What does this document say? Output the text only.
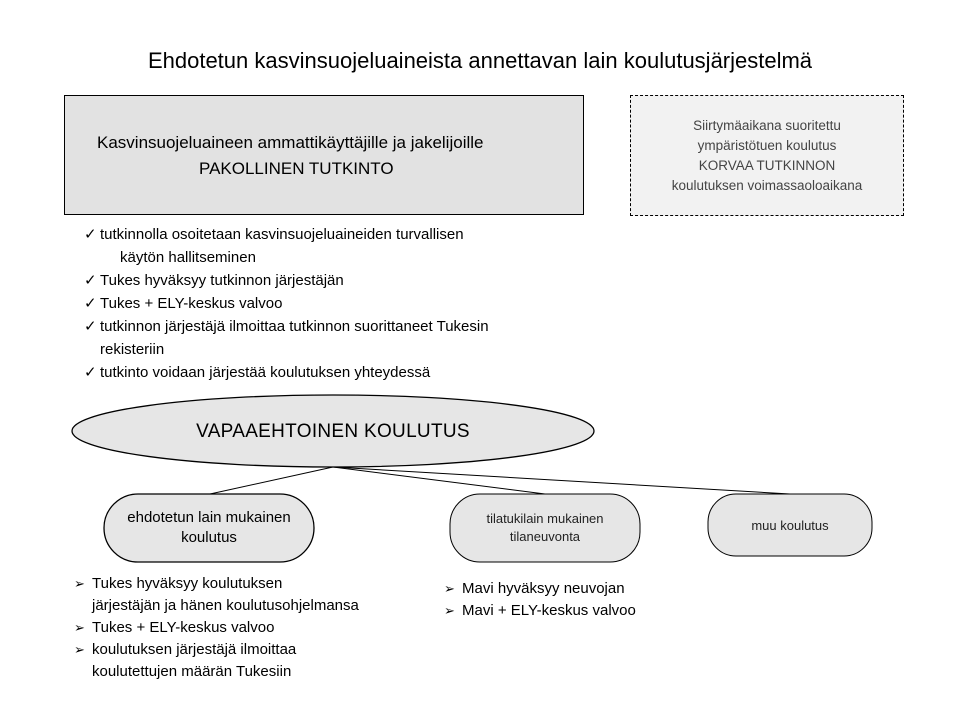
Ehdotetun kasvinsuojeluaineista annettavan lain koulutusjärjestelmä
Kasvinsuojeluaineen ammattikäyttäjille ja jakelijoille
PAKOLLINEN TUTKINTO
Siirtymäaikana suoritettu
ympäristötuen koulutus
KORVAA TUTKINNON
koulutuksen voimassaoloaikana
✓ tutkinnolla osoitetaan kasvinsuojeluaineiden turvallisen
käytön hallitseminen
✓ Tukes hyväksyy tutkinnon järjestäjän
✓ Tukes + ELY-keskus valvoo
✓ tutkinnon järjestäjä ilmoittaa tutkinnon suorittaneet Tukesin
rekisteriin
✓ tutkinto voidaan järjestää koulutuksen yhteydessä
VAPAAEHTOINEN KOULUTUS
ehdotetun lain mukainen
koulutus
tilatukilain mukainen
tilaneuvonta
muu koulutus
➢ Tukes hyväksyy koulutuksen
järjestäjän ja hänen koulutusohjelmansa
➢ Tukes + ELY-keskus valvoo
➢ koulutuksen järjestäjä ilmoittaa
koulutettujen määrän Tukesiin
➢ Mavi hyväksyy neuvojan
➢ Mavi + ELY-keskus valvoo
